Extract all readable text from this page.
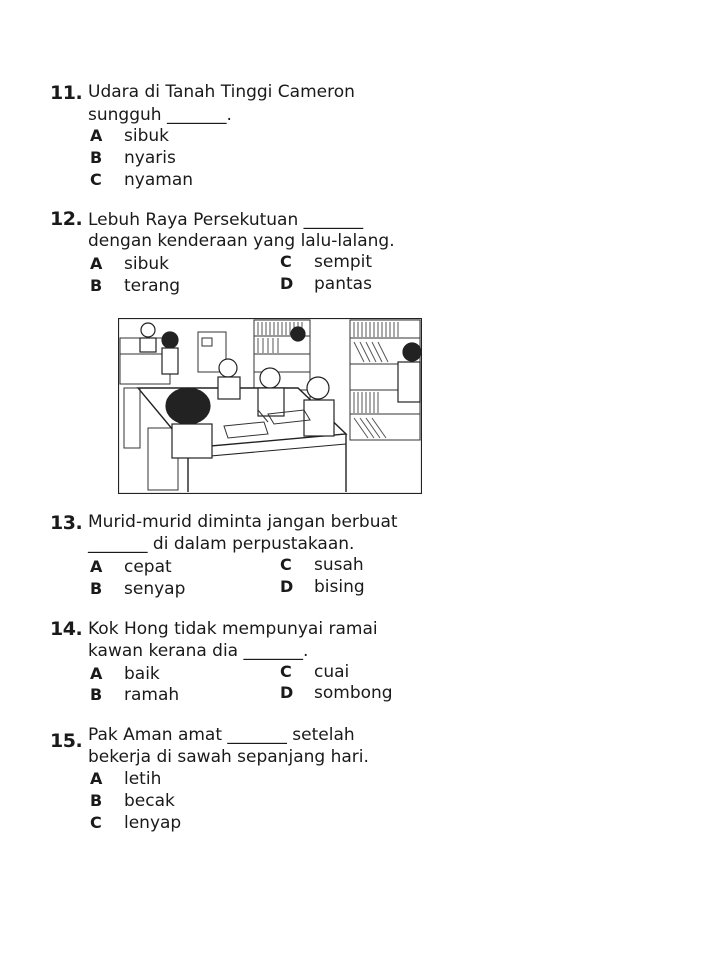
11. Udara di Tanah Tinggi Cameron
sungguh _______.
A sibuk
B nyaris
C nyaman
12. Lebuh Raya Persekutuan _______
dengan kenderaan yang lalu-lalang.
A sibuk	C sempit
B terang	D pantas
13. Murid-murid diminta jangan berbuat
_______ di dalam perpustakaan.
A cepat	C susah
B senyap	D bising
14. Kok Hong tidak mempunyai ramai
kawan kerana dia _______.
A baik	C cuai
B ramah	D sombong
15. Pak Aman amat _______ setelah
bekerja di sawah sepanjang hari.
A letih
B becak
C lenyap
